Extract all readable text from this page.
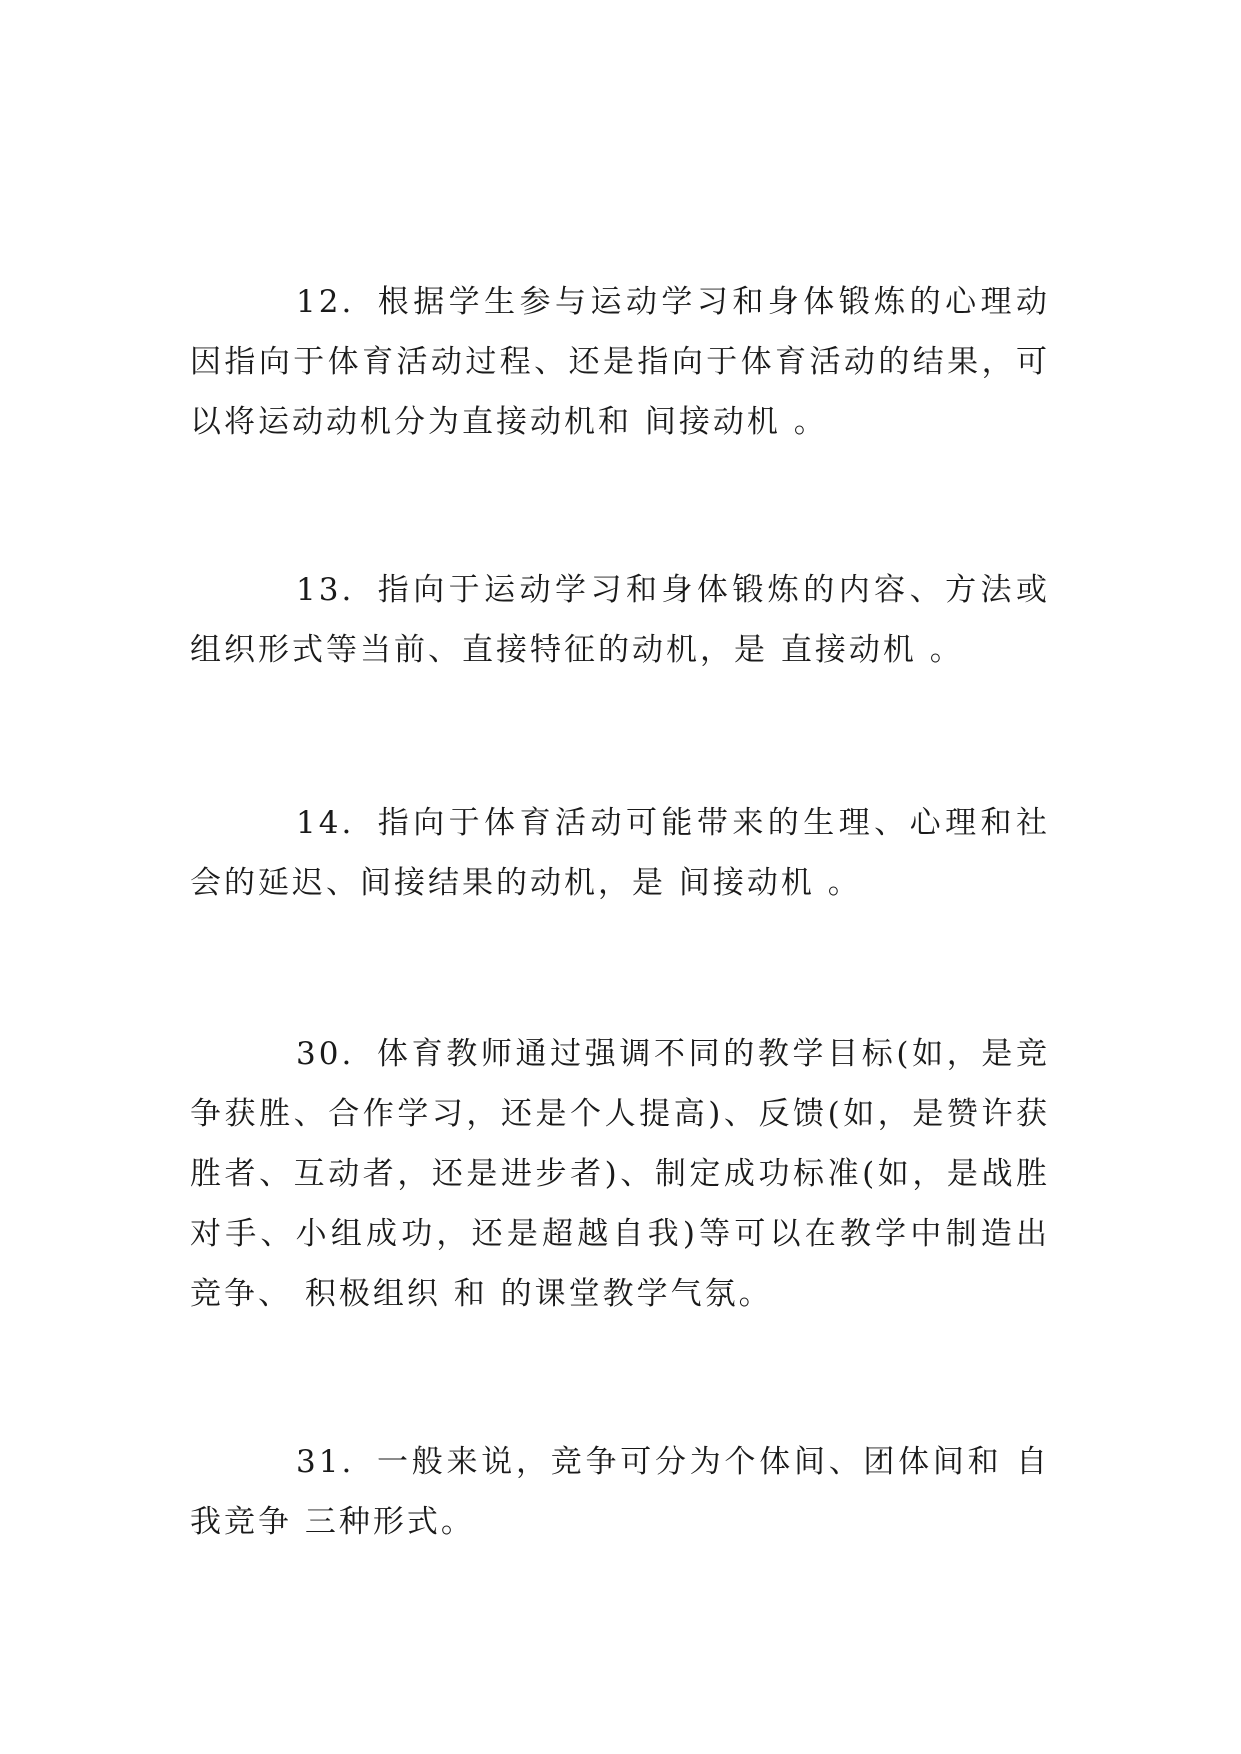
12. 根据学生参与运动学习和身体锻炼的心理动因指向于体育活动过程、还是指向于体育活动的结果，可以将运动动机分为直接动机和 间接动机 。

13. 指向于运动学习和身体锻炼的内容、方法或组织形式等当前、直接特征的动机，是 直接动机 。

14. 指向于体育活动可能带来的生理、心理和社会的延迟、间接结果的动机，是 间接动机 。

30. 体育教师通过强调不同的教学目标(如，是竞争获胜、合作学习，还是个人提高)、反馈(如，是赞许获胜者、互动者，还是进步者)、制定成功标准(如，是战胜对手、小组成功，还是超越自我)等可以在教学中制造出竞争、 积极组织 和 的课堂教学气氛。

31. 一般来说，竞争可分为个体间、团体间和 自我竞争 三种形式。
